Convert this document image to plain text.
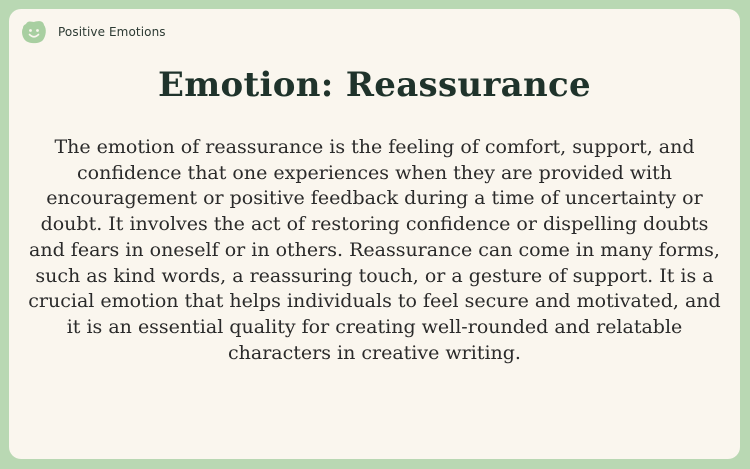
Positive Emotions
Emotion: Reassurance

The emotion of reassurance is the feeling of comfort, support, and confidence that one experiences when they are provided with encouragement or positive feedback during a time of uncertainty or doubt. It involves the act of restoring confidence or dispelling doubts and fears in oneself or in others. Reassurance can come in many forms, such as kind words, a reassuring touch, or a gesture of support. It is a crucial emotion that helps individuals to feel secure and motivated, and it is an essential quality for creating well-rounded and relatable characters in creative writing.
